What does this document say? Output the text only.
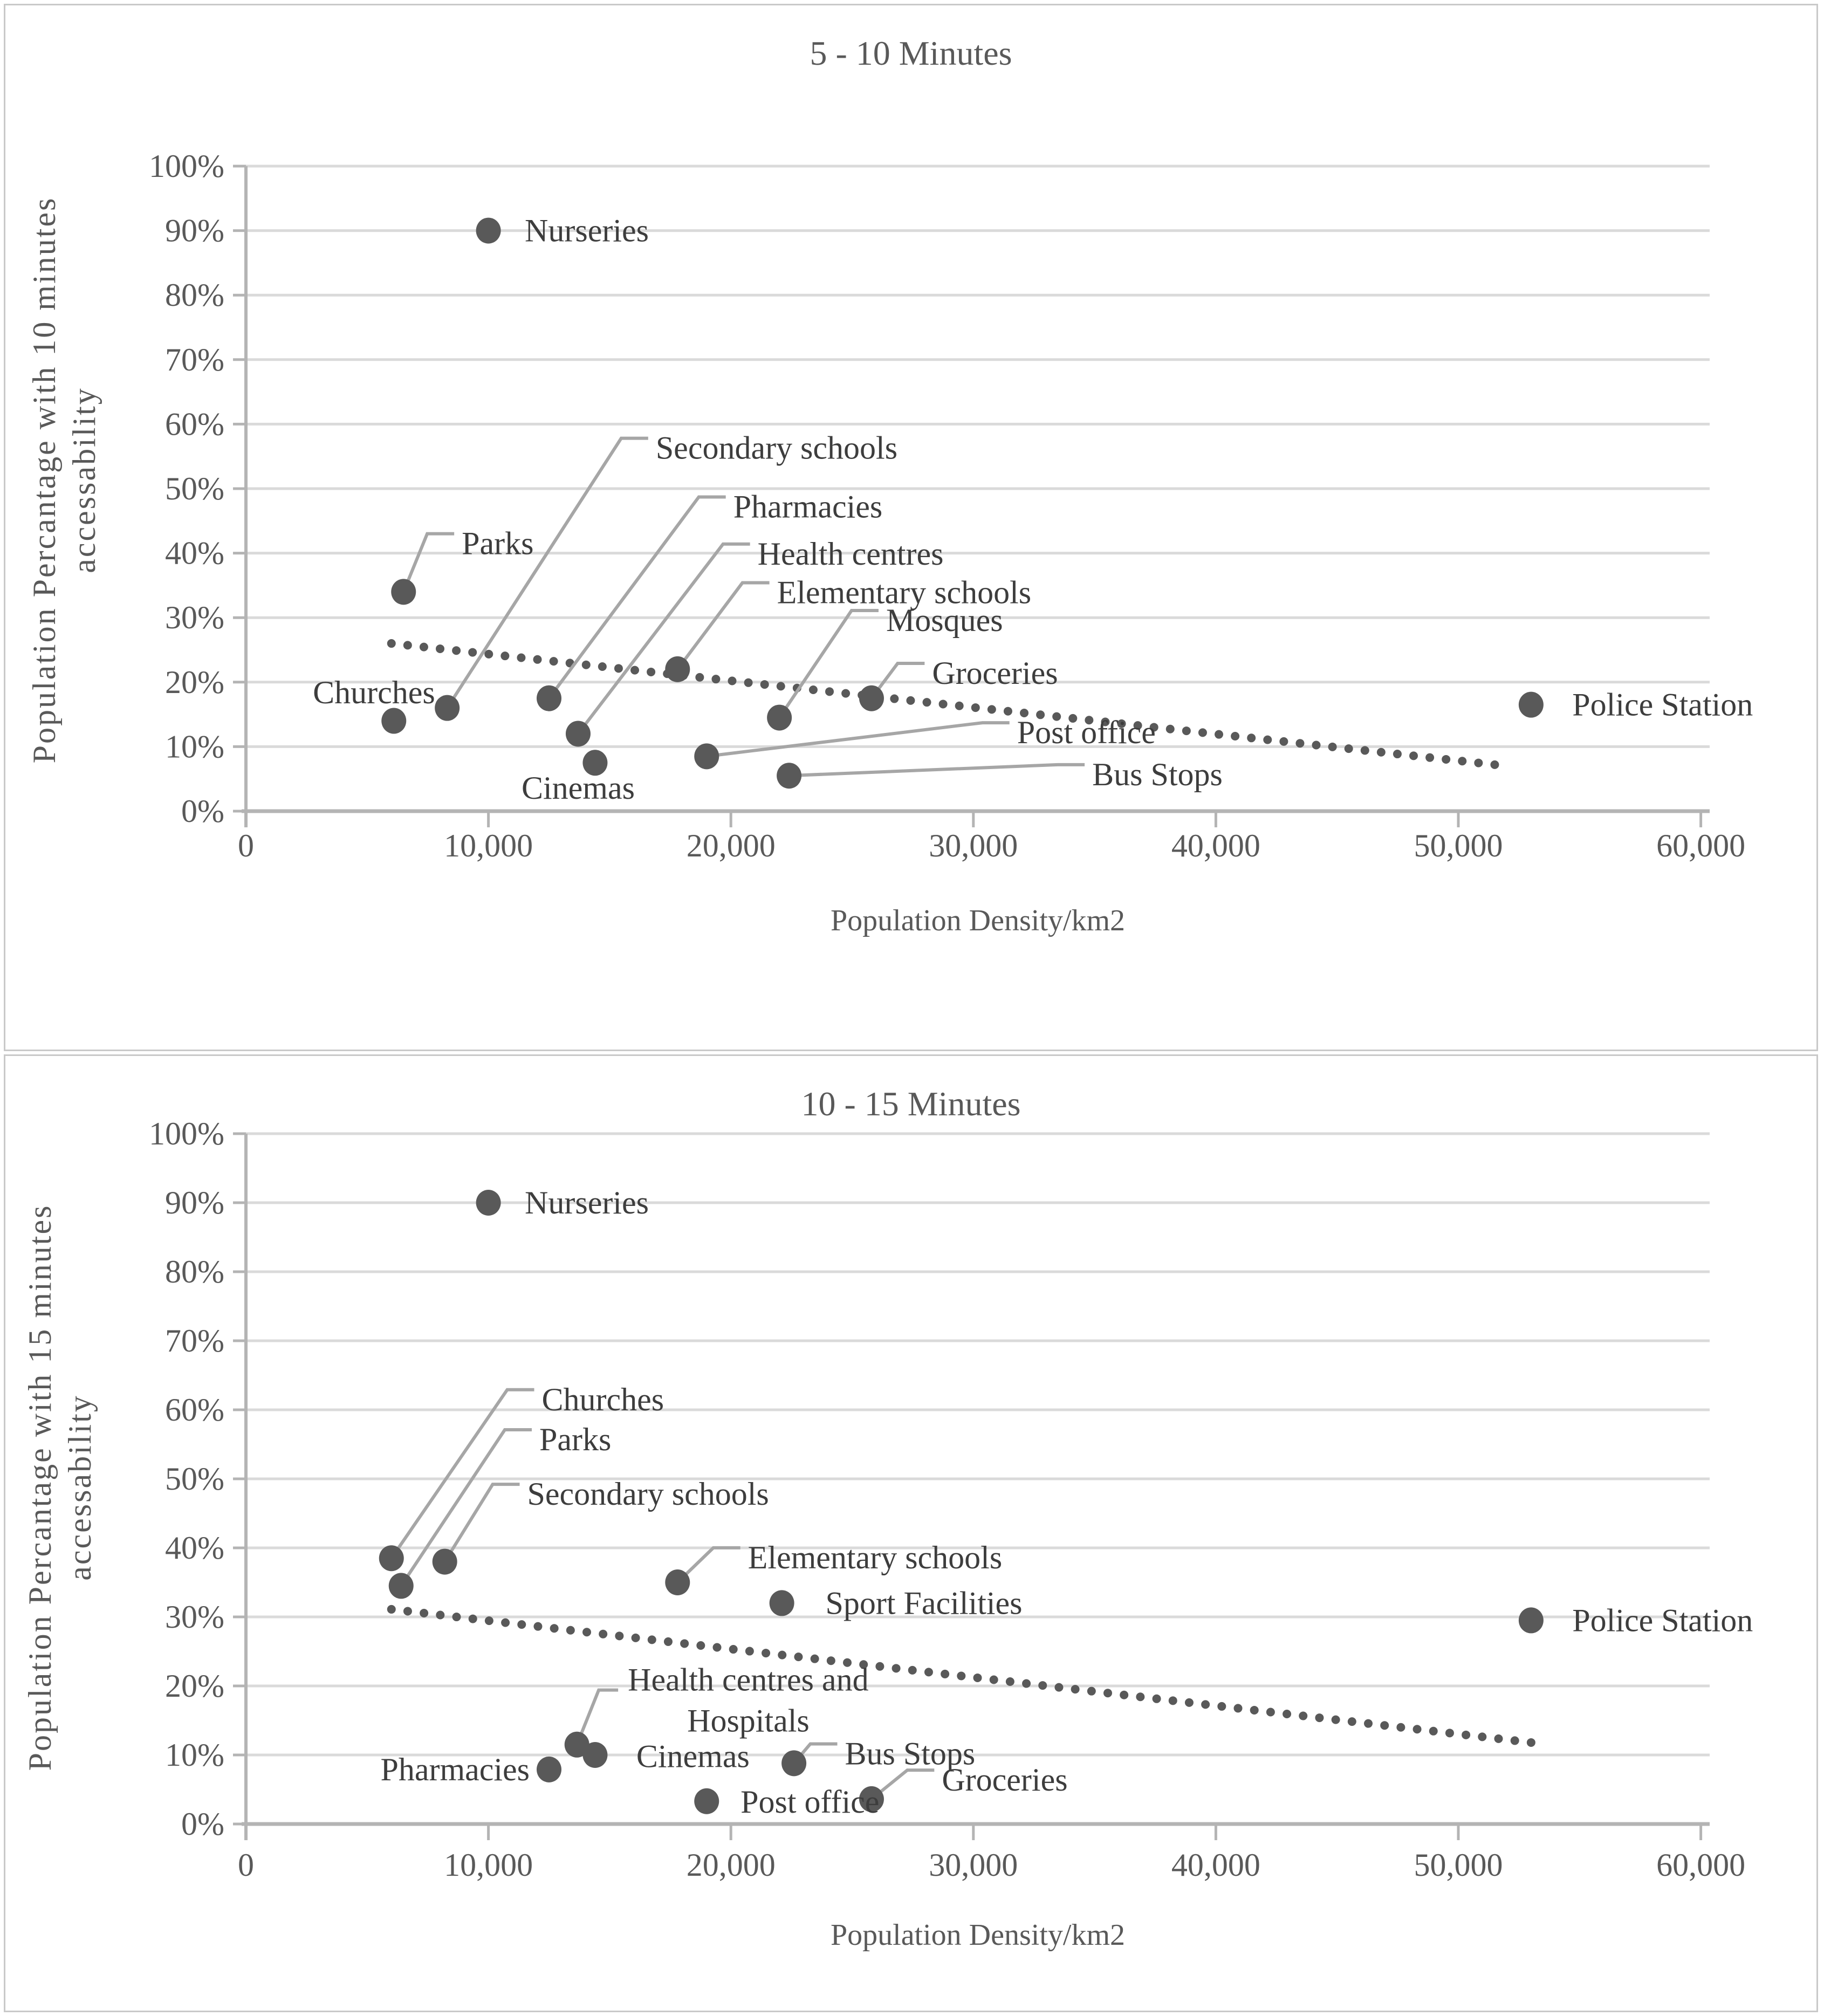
0	10,000	20,000	30,000	40,000	50,000	60,000
0%
10%
20%
30%
40%
50%
60%
70%
80%
90%
100%
Population Density/km2
Population Percantage with 10 minutes accessability
Churches
Parks
Secondary schools
Nurseries
Pharmacies
Health centres
Cinemas
Elementary schools
Post office
Mosques
Bus Stops
Groceries
Police Station
5 - 10 Minutes
0	10,000	20,000	30,000	40,000	50,000	60,000
0%
10%
20%
30%
40%
50%
60%
70%
80%
90%
100%
Population Density/km2
Population Percantage with 15 minutes accessability	Churches
Parks
Secondary schools
Nurseries
Pharmacies
Health centres and
Hospitals
Cinemas
Elementary schools
Post office
Sport Facilities
Bus Stops
Groceries
Police Station
10 - 15 Minutes
